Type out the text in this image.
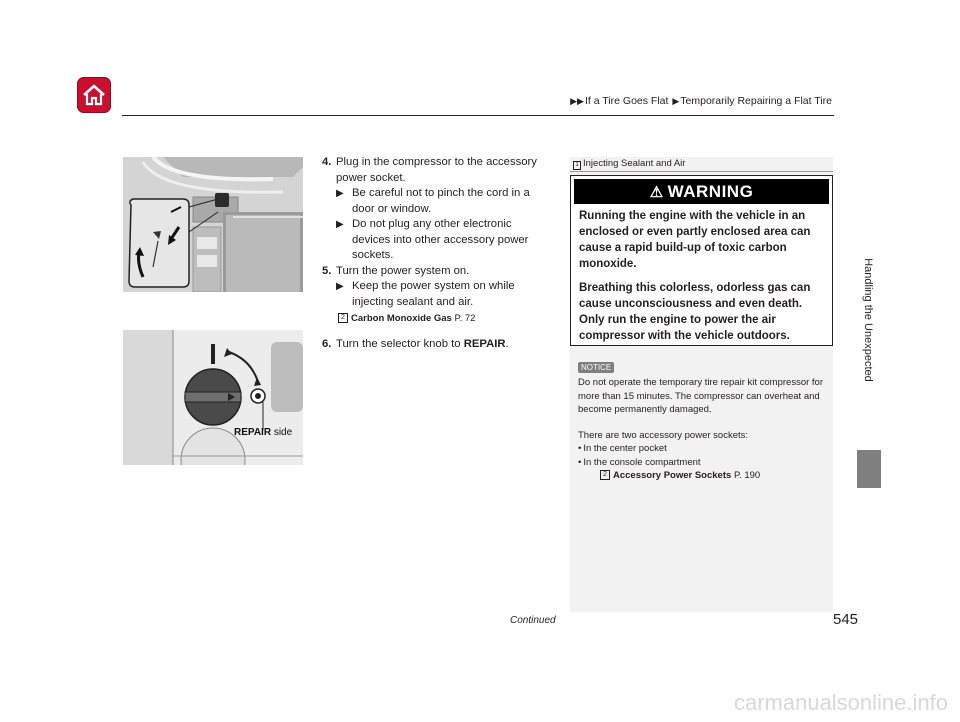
▶▶If a Tire Goes Flat ▶Temporarily Repairing a Flat Tire
Handling the Unexpected
REPAIR side
4. Plug in the compressor to the accessory power socket.
▶ Be careful not to pinch the cord in a door or window.
▶ Do not plug any other electronic devices into other accessory power sockets.
5. Turn the power system on.
▶ Keep the power system on while injecting sealant and air.
2 Carbon Monoxide Gas P. 72
6. Turn the selector knob to REPAIR.
1 Injecting Sealant and Air
⚠ WARNING

Running the engine with the vehicle in an enclosed or even partly enclosed area can cause a rapid build-up of toxic carbon monoxide.

Breathing this colorless, odorless gas can cause unconsciousness and even death. Only run the engine to power the air compressor with the vehicle outdoors.

NOTICE

Do not operate the temporary tire repair kit compressor for more than 15 minutes. The compressor can overheat and become permanently damaged.

There are two accessory power sockets:

• In the center pocket

• In the console compartment

2 Accessory Power Sockets P. 190

Continued	545
carmanualsonline.info
